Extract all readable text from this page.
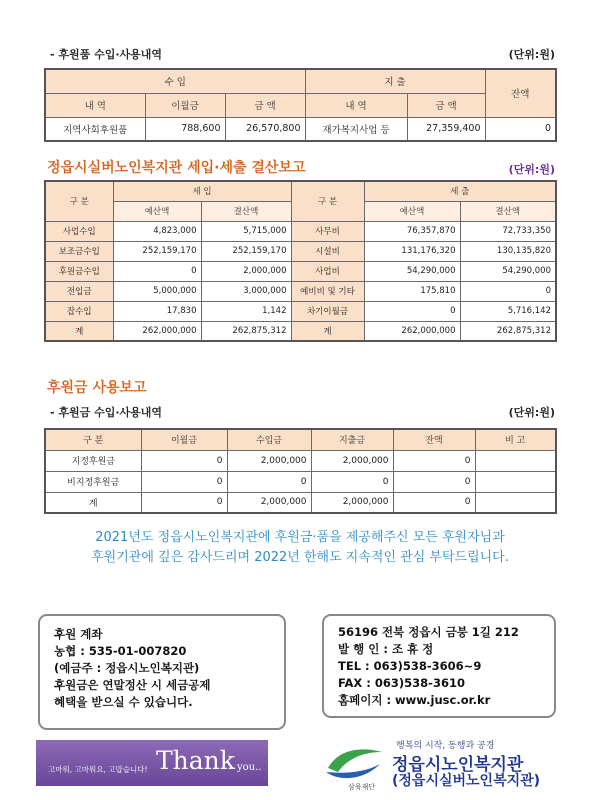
- 후원품 수입·사용내역	(단위:원)
수 입			지 출		잔액
내 역	이월금	금 액	내 역	금 액	
지역사회후원품	788,600	26,570,800	재가복지사업 등	27,359,400	0
정읍시실버노인복지관 세입·세출 결산보고	(단위:원)
구 분	세 입		구 분	세 출	
	예산액	결산액		예산액	결산액
사업수입	4,823,000	5,715,000	사무비	76,357,870	72,733,350
보조금수입	252,159,170	252,159,170	시설비	131,176,320	130,135,820
후원금수입	0	2,000,000	사업비	54,290,000	54,290,000
전입금	5,000,000	3,000,000	예비비 및 기타	175,810	0
잡수입	17,830	1,142	차기이월금	0	5,716,142
계	262,000,000	262,875,312	계	262,000,000	262,875,312
후원금 사용보고
- 후원금 수입·사용내역	(단위:원)
구 분	이월금	수입금	지출금	잔액	비 고
지정후원금	0	2,000,000	2,000,000	0	
비지정후원금	0	0	0	0	
계	0	2,000,000	2,000,000	0	
2021년도 정읍시노인복지관에 후원금·품을 제공해주신 모든 후원자님과
후원기관에 깊은 감사드리며 2022년 한해도 지속적인 관심 부탁드립니다.
후원 계좌
농협 : 535-01-007820
(예금주 : 정읍시노인복지관)
후원금은 연말정산 시 세금공제
혜택을 받으실 수 있습니다.
56196 전북 정읍시 금붕 1길 212
발 행 인 : 조 휴 정
TEL : 063)538-3606~9
FAX : 063)538-3610
홈페이지 : www.jusc.or.kr
고마워, 고마워요, 고맙습니다! Thank you..	정읍
삼육재단
행복의 시작, 동행과 공경
정읍시노인복지관
(정읍시실버노인복지관)
